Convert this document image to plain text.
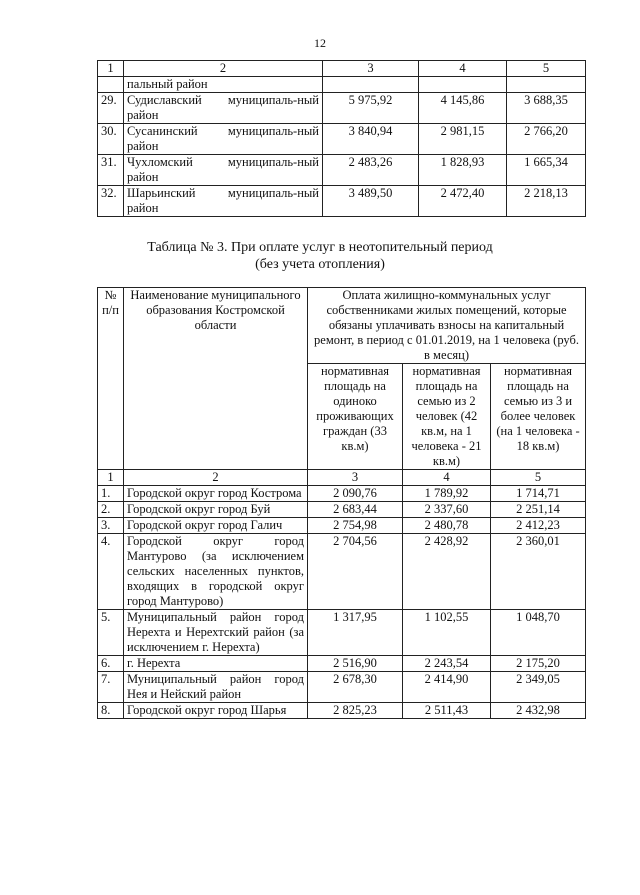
12
1	2	3	4	5
	пальный район			
29.	Судиславский муниципаль-ный район	5 975,92	4 145,86	3 688,35
30.	Сусанинский муниципаль-ный район	3 840,94	2 981,15	2 766,20
31.	Чухломский муниципаль-ный район	2 483,26	1 828,93	1 665,34
32.	Шарьинский муниципаль-ный район	3 489,50	2 472,40	2 218,13
Таблица № 3. При оплате услуг в неотопительный период
(без учета отопления)
№ п/п	Наименование муниципального образования Костромской области	Оплата жилищно-коммунальных услуг собственниками жилых помещений, которые обязаны уплачивать взносы на капитальный ремонт, в период с 01.01.2019, на 1 человека (руб. в месяц)		
		нормативная площадь на одиноко проживающих граждан (33 кв.м)	нормативная площадь на семью из 2 человек (42 кв.м, на 1 человека - 21 кв.м)	нормативная площадь на семью из 3 и более человек (на 1 человека - 18 кв.м)
1	2	3	4	5
1.	Городской округ город Кострома	2 090,76	1 789,92	1 714,71
2.	Городской округ город Буй	2 683,44	2 337,60	2 251,14
3.	Городской округ город Галич	2 754,98	2 480,78	2 412,23
4.	Городской округ город Мантурово (за исключением сельских населенных пунктов, входящих в городской округ город Мантурово)	2 704,56	2 428,92	2 360,01
5.	Муниципальный район город Нерехта и Нерехтский район (за исключением г. Нерехта)	1 317,95	1 102,55	1 048,70
6.	г. Нерехта	2 516,90	2 243,54	2 175,20
7.	Муниципальный район город Нея и Нейский район	2 678,30	2 414,90	2 349,05
8.	Городской округ город Шарья	2 825,23	2 511,43	2 432,98
